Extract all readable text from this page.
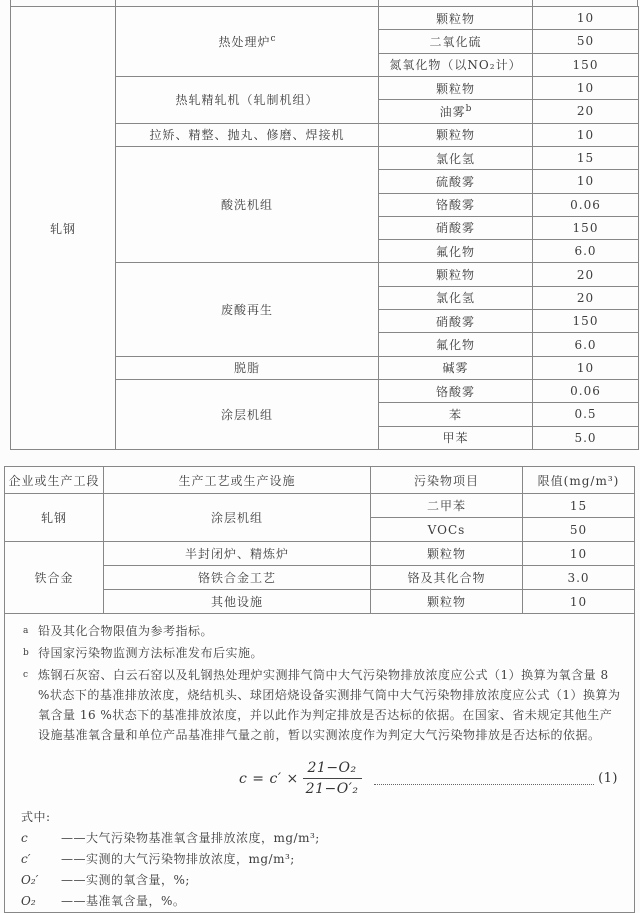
轧钢	热处理炉$^c$	颗粒物	10
		二氧化硫	50
		氮氧化物（以NO₂计）	150
	热轧精轧机（轧制机组）	颗粒物	10
		油雾$^b$	20
	拉矫、精整、抛丸、修磨、焊接机	颗粒物	10
	酸洗机组	氯化氢	15
		硫酸雾	10
		铬酸雾	0.06
		硝酸雾	150
		氟化物	6.0
	废酸再生	颗粒物	20
		氯化氢	20
		硝酸雾	150
		氟化物	6.0
	脱脂	碱雾	10
	涂层机组	铬酸雾	0.06
		苯	0.5
		甲苯	5.0
企业或生产工段	生产工艺或生产设施	污染物项目	限值(mg/m³)
轧钢	涂层机组	二甲苯	15
		VOCs	50
铁合金	半封闭炉、精炼炉	颗粒物	10
	铬铁合金工艺	铬及其化合物	3.0
	其他设施	颗粒物	10

a 铅及其化合物限值为参考指标。
b 待国家污染物监测方法标准发布后实施。
c 炼钢石灰窑、白云石窑以及轧钢热处理炉实测排气筒中大气污染物排放浓度应公式（1）换算为氧含量 8 %状态下的基准排放浓度，烧结机头、球团焙烧设备实测排气筒中大气污染物排放浓度应公式（1）换算为氧含量 16 %状态下的基准排放浓度，并以此作为判定排放是否达标的依据。在国家、省未规定其他生产设施基准氧含量和单位产品基准排气量之前，暂以实测浓度作为判定大气污染物排放是否达标的依据。
$c = c' \times \frac{\text{21−O₂}}{\text{21−O′₂}}$	(1)
式中:
c	——大气污染物基准氧含量排放浓度，mg/m³;
c′	——实测的大气污染物排放浓度，mg/m³;
O₂′	——实测的氧含量，%;
O₂	——基准氧含量，%。
